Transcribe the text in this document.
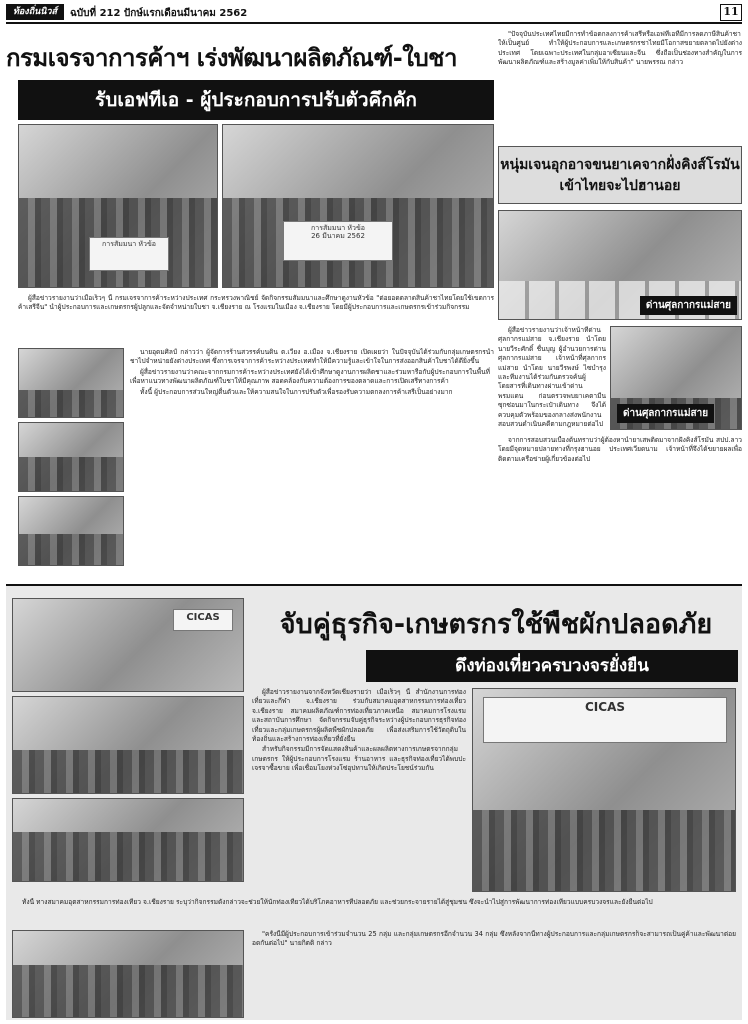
ท้องถิ่นนิวส์	ฉบับที่ 212 ปักษ์แรกเดือนมีนาคม 2562	11
กรมเจรจาการค้าฯ เร่งพัฒนาผลิตภัณฑ์-ใบชา
รับเอฟทีเอ - ผู้ประกอบการปรับตัวคึกคัก
การสัมมนา หัวข้อ
การสัมมนา หัวข้อ
26 มีนาคม 2562

ผู้สื่อข่าวรายงานว่าเมื่อเร็วๆ นี้ กรมเจรจาการค้าระหว่างประเทศ กระทรวงพาณิชย์ จัดกิจกรรมสัมมนาและศึกษาดูงานหัวข้อ "ต่อยอดตลาดสินค้าชาไทยโดยใช้เขตการค้าเสรีจีน" นำผู้ประกอบการและเกษตรกรผู้ปลูกและจัดจำหน่ายใบชา จ.เชียงราย ณ โรงแรมในเมือง จ.เชียงราย โดยมีผู้ประกอบการและเกษตรกรเข้าร่วมกิจกรรม

นายอุดมศิลป์ กล่าวว่า ผู้จัดการร้านสวรรค์บนดิน ต.เวียง อ.เมือง จ.เชียงราย เปิดเผยว่า ในปัจจุบันได้ร่วมกับกลุ่มเกษตรกรนำชาไปจำหน่ายยังต่างประเทศ ซึ่งการเจรจาการค้าระหว่างประเทศทำให้มีความรู้และเข้าใจในการส่งออกสินค้าใบชาได้ดียิ่งขึ้น

ผู้สื่อข่าวรายงานว่าคณะจากกรมการค้าระหว่างประเทศยังได้เข้าศึกษาดูงานการผลิตชาและร่วมหารือกับผู้ประกอบการในพื้นที่ เพื่อหาแนวทางพัฒนาผลิตภัณฑ์ใบชาให้มีคุณภาพ สอดคล้องกับความต้องการของตลาดและการเปิดเสรีทางการค้า

ทั้งนี้ ผู้ประกอบการส่วนใหญ่ตื่นตัวและให้ความสนใจในการปรับตัวเพื่อรองรับความตกลงการค้าเสรีเป็นอย่างมาก

"ปัจจุบันประเทศไทยมีการทำข้อตกลงการค้าเสรีหรือเอฟทีเอที่มีการลดภาษีสินค้าชาให้เป็นศูนย์ ทำให้ผู้ประกอบการและเกษตรกรชาไทยมีโอกาสขยายตลาดไปยังต่างประเทศ โดยเฉพาะประเทศในกลุ่มอาเซียนและจีน ซึ่งถือเป็นช่องทางสำคัญในการพัฒนาผลิตภัณฑ์และสร้างมูลค่าเพิ่มให้กับสินค้า" นายพรรณ กล่าว

หนุ่มเจนอุกอาจขนยาเคจากฝั่งคิงส์โรมันเข้าไทยจะไปฮานอย
ด่านศุลกากรแม่สาย

ผู้สื่อข่าวรายงานว่าเจ้าหน้าที่ด่านศุลกากรแม่สาย จ.เชียงราย นำโดย นายวีระศักดิ์ ชื่นบุญ ผู้อำนวยการด่านศุลกากรแม่สาย เจ้าหน้าที่ศุลกากรแม่สาย นำโดย นายวีรพงษ์ ไซบำรุง และทีมงานได้ร่วมกันตรวจค้นผู้โดยสารที่เดินทางผ่านเข้าด่านพรมแดน ก่อนตรวจพบยาเคตามีนซุกซ่อนมาในกระเป๋าเดินทาง จึงได้ควบคุมตัวพร้อมของกลางส่งพนักงานสอบสวนดำเนินคดีตามกฎหมายต่อไป

ด่านศุลกากรแม่สาย

จากการสอบสวนเบื้องต้นทราบว่าผู้ต้องหานำยาเสพติดมาจากฝั่งคิงส์โรมัน สปป.ลาว โดยมีจุดหมายปลายทางที่กรุงฮานอย ประเทศเวียดนาม เจ้าหน้าที่จึงได้ขยายผลเพื่อติดตามเครือข่ายผู้เกี่ยวข้องต่อไป

CICAS	จับคู่ธุรกิจ-เกษตรกรใช้พืชผักปลอดภัย
ดึงท่องเที่ยวครบวงจรยั่งยืน

ผู้สื่อข่าวรายงานจากจังหวัดเชียงรายว่า เมื่อเร็วๆ นี้ สำนักงานการท่องเที่ยวและกีฬา จ.เชียงราย ร่วมกับสมาคมอุตสาหกรรมการท่องเที่ยว จ.เชียงราย สมาคมผลิตภัณฑ์การท่องเที่ยวภาคเหนือ สมาคมการโรงแรมและสถาบันการศึกษา จัดกิจกรรมจับคู่ธุรกิจระหว่างผู้ประกอบการธุรกิจท่องเที่ยวและกลุ่มเกษตรกรผู้ผลิตพืชผักปลอดภัย เพื่อส่งเสริมการใช้วัตถุดิบในท้องถิ่นและสร้างการท่องเที่ยวที่ยั่งยืน

สำหรับกิจกรรมมีการจัดแสดงสินค้าและผลผลิตทางการเกษตรจากกลุ่มเกษตรกร ให้ผู้ประกอบการโรงแรม ร้านอาหาร และธุรกิจท่องเที่ยวได้พบปะเจรจาซื้อขาย เพื่อเชื่อมโยงห่วงโซ่อุปทานให้เกิดประโยชน์ร่วมกัน

CICAS

ทั้งนี้ ทางสมาคมอุตสาหกรรมการท่องเที่ยว จ.เชียงราย ระบุว่ากิจกรรมดังกล่าวจะช่วยให้นักท่องเที่ยวได้บริโภคอาหารที่ปลอดภัย และช่วยกระจายรายได้สู่ชุมชน ซึ่งจะนำไปสู่การพัฒนาการท่องเที่ยวแบบครบวงจรและยั่งยืนต่อไป

"ครั้งนี้มีผู้ประกอบการเข้าร่วมจำนวน 25 กลุ่ม และกลุ่มเกษตรกรอีกจำนวน 34 กลุ่ม ซึ่งหลังจากนี้ทางผู้ประกอบการและกลุ่มเกษตรกรก็จะสามารถเป็นคู่ค้าและพัฒนาต่อยอดกันต่อไป" นายกิตติ กล่าว
